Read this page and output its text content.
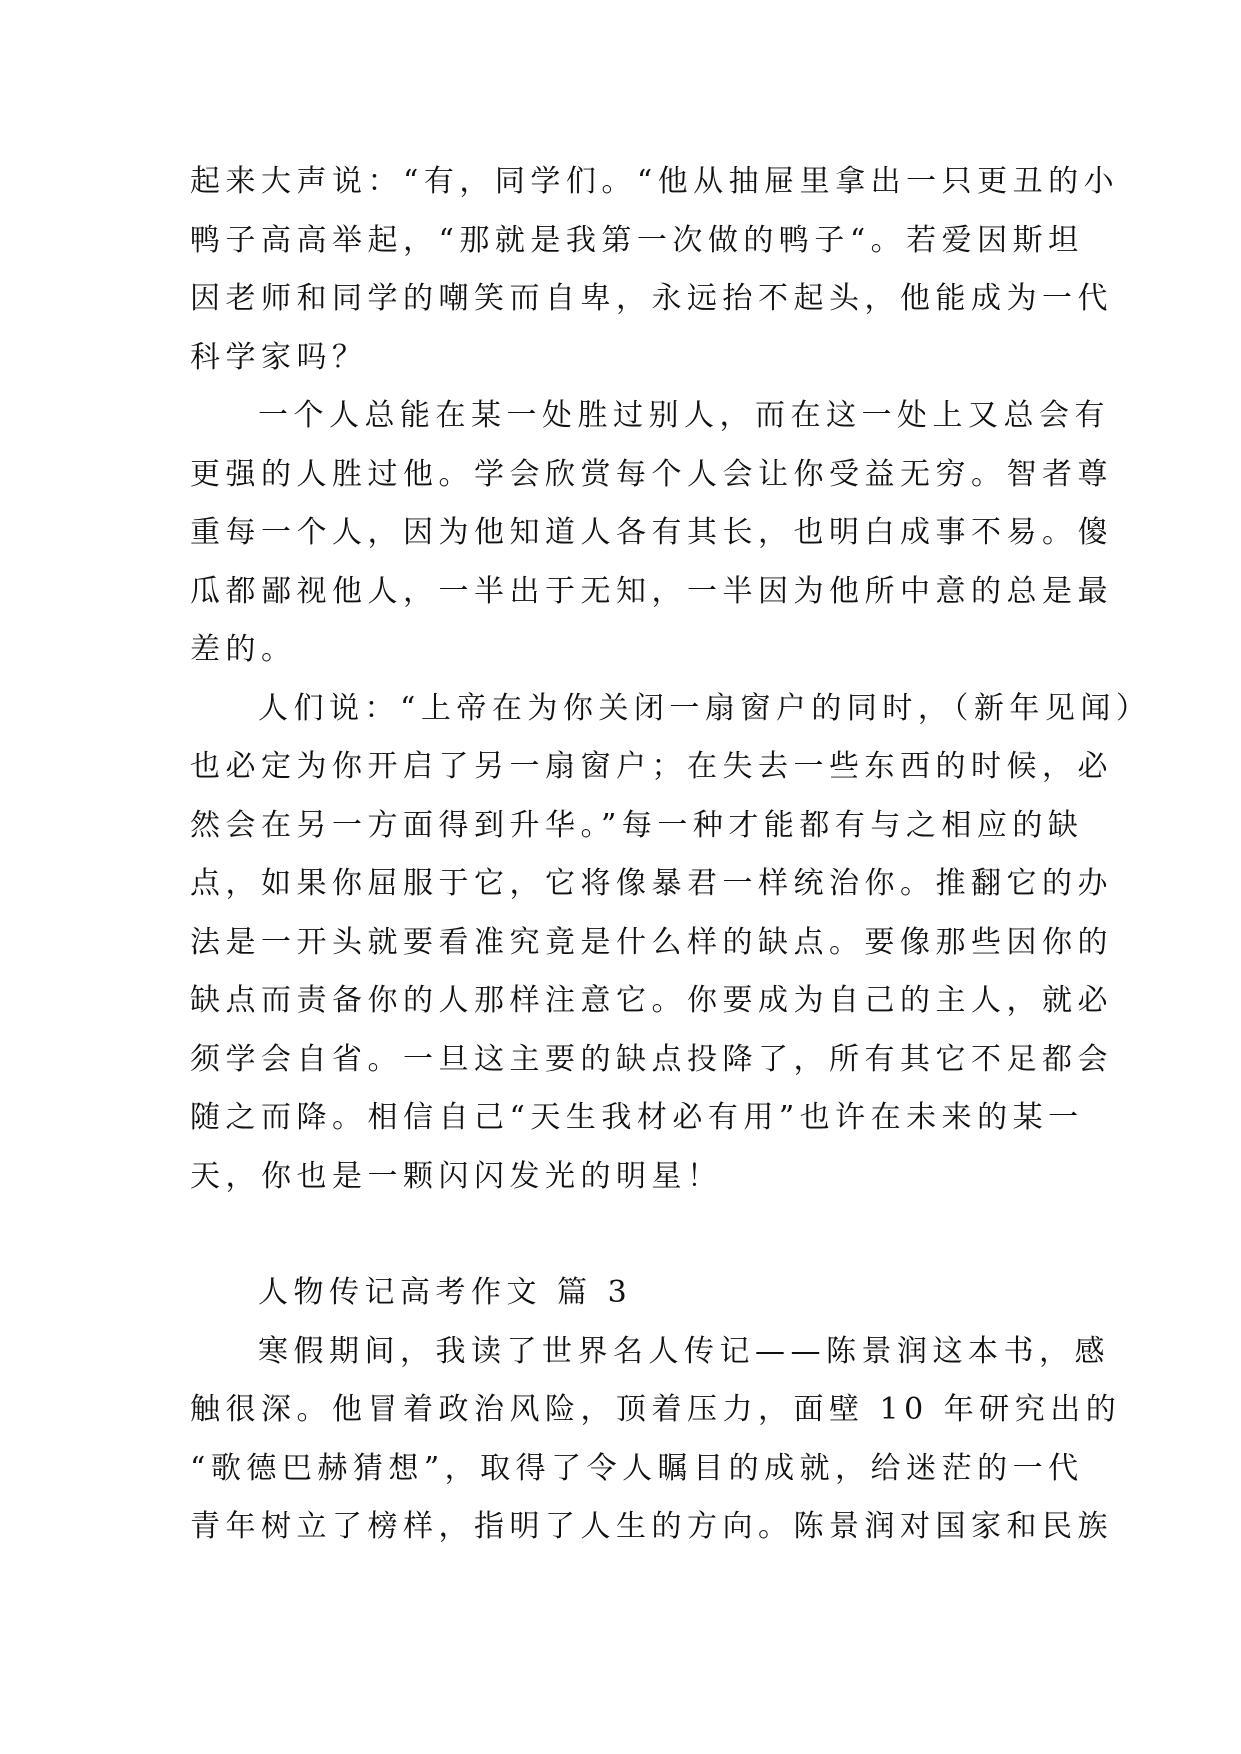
起来大声说：“有，同学们。“他从抽屉里拿出一只更丑的小
鸭子高高举起，“那就是我第一次做的鸭子“。若爱因斯坦
因老师和同学的嘲笑而自卑，永远抬不起头，他能成为一代
科学家吗？
一个人总能在某一处胜过别人，而在这一处上又总会有
更强的人胜过他。学会欣赏每个人会让你受益无穷。智者尊
重每一个人，因为他知道人各有其长，也明白成事不易。傻
瓜都鄙视他人，一半出于无知，一半因为他所中意的总是最
差的。
人们说：“上帝在为你关闭一扇窗户的同时，（新年见闻）
也必定为你开启了另一扇窗户；在失去一些东西的时候，必
然会在另一方面得到升华。”每一种才能都有与之相应的缺
点，如果你屈服于它，它将像暴君一样统治你。推翻它的办
法是一开头就要看准究竟是什么样的缺点。要像那些因你的
缺点而责备你的人那样注意它。你要成为自己的主人，就必
须学会自省。一旦这主要的缺点投降了，所有其它不足都会
随之而降。相信自己“天生我材必有用”也许在未来的某一
天，你也是一颗闪闪发光的明星！
人物传记高考作文 篇 3
寒假期间，我读了世界名人传记——陈景润这本书，感
触很深。他冒着政治风险，顶着压力，面壁 10 年研究出的
“歌德巴赫猜想”，取得了令人瞩目的成就，给迷茫的一代
青年树立了榜样，指明了人生的方向。陈景润对国家和民族
